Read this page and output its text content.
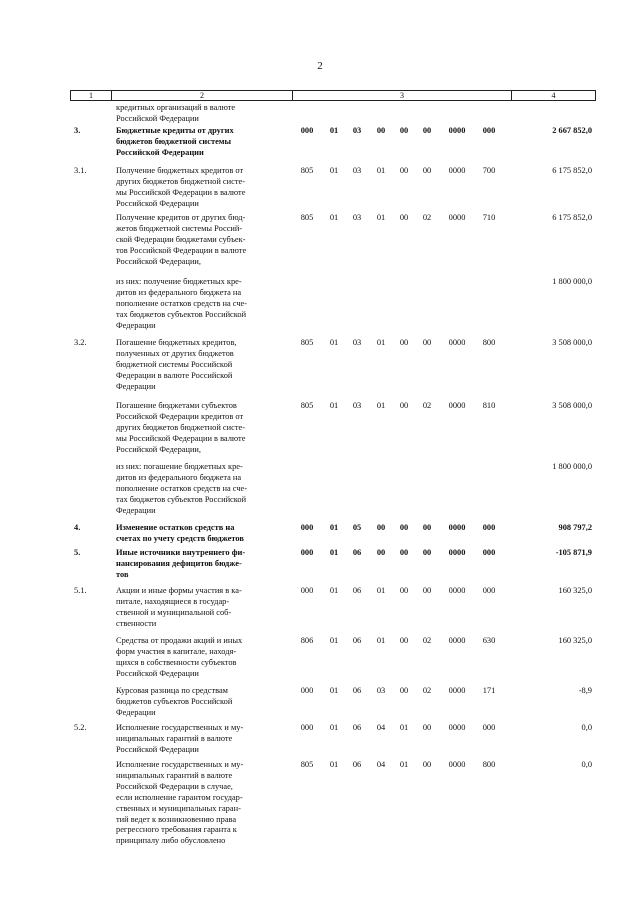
2
1	2	3	4
кредитных организаций в валюте
Российской Федерации
3.	Бюджетные кредиты от других
бюджетов бюджетной системы
Российской Федерации
000	01	03	00	00	00	0000	000	2 667 852,0
3.1.	Получение бюджетных кредитов от
других бюджетов бюджетной систе-
мы Российской Федерации в валюте
Российской Федерации
805	01	03	01	00	00	0000	700	6 175 852,0
Получение кредитов от других бюд-
жетов бюджетной системы Россий-
ской Федерации бюджетами субъек-
тов Российской Федерации в валюте
Российской Федерации,
805	01	03	01	00	02	0000	710	6 175 852,0
из них: получение бюджетных кре-
дитов из федерального бюджета на
пополнение остатков средств на сче-
тах бюджетов субъектов Российской
Федерации
1 800 000,0
3.2.	Погашение бюджетных кредитов,
полученных от других бюджетов
бюджетной системы Российской
Федерации в валюте Российской
Федерации
805	01	03	01	00	00	0000	800	3 508 000,0
Погашение бюджетами субъектов
Российской Федерации кредитов от
других бюджетов бюджетной систе-
мы Российской Федерации в валюте
Российской Федерации,
805	01	03	01	00	02	0000	810	3 508 000,0
из них: погашение бюджетных кре-
дитов из федерального бюджета на
пополнение остатков средств на сче-
тах бюджетов субъектов Российской
Федерации
1 800 000,0
4.	Изменение остатков средств на
счетах по учету средств бюджетов
000	01	05	00	00	00	0000	000	908 797,2
5.	Иные источники внутреннего фи-
нансирования дефицитов бюдже-
тов
000	01	06	00	00	00	0000	000	-105 871,9
5.1.	Акции и иные формы участия в ка-
питале, находящиеся в государ-
ственной и муниципальной соб-
ственности
000	01	06	01	00	00	0000	000	160 325,0
Средства от продажи акций и иных
форм участия в капитале, находя-
щихся в собственности субъектов
Российской Федерации
806	01	06	01	00	02	0000	630	160 325,0
Курсовая разница по средствам
бюджетов субъектов Российской
Федерации
000	01	06	03	00	02	0000	171	-8,9
5.2.	Исполнение государственных и му-
ниципальных гарантий в валюте
Российской Федерации
000	01	06	04	01	00	0000	000	0,0
Исполнение государственных и му-
ниципальных гарантий в валюте
Российской Федерации в случае,
если исполнение гарантом государ-
ственных и муниципальных гаран-
тий ведет к возникновению права
регрессного требования гаранта к
принципалу либо обусловлено
805	01	06	04	01	00	0000	800	0,0
